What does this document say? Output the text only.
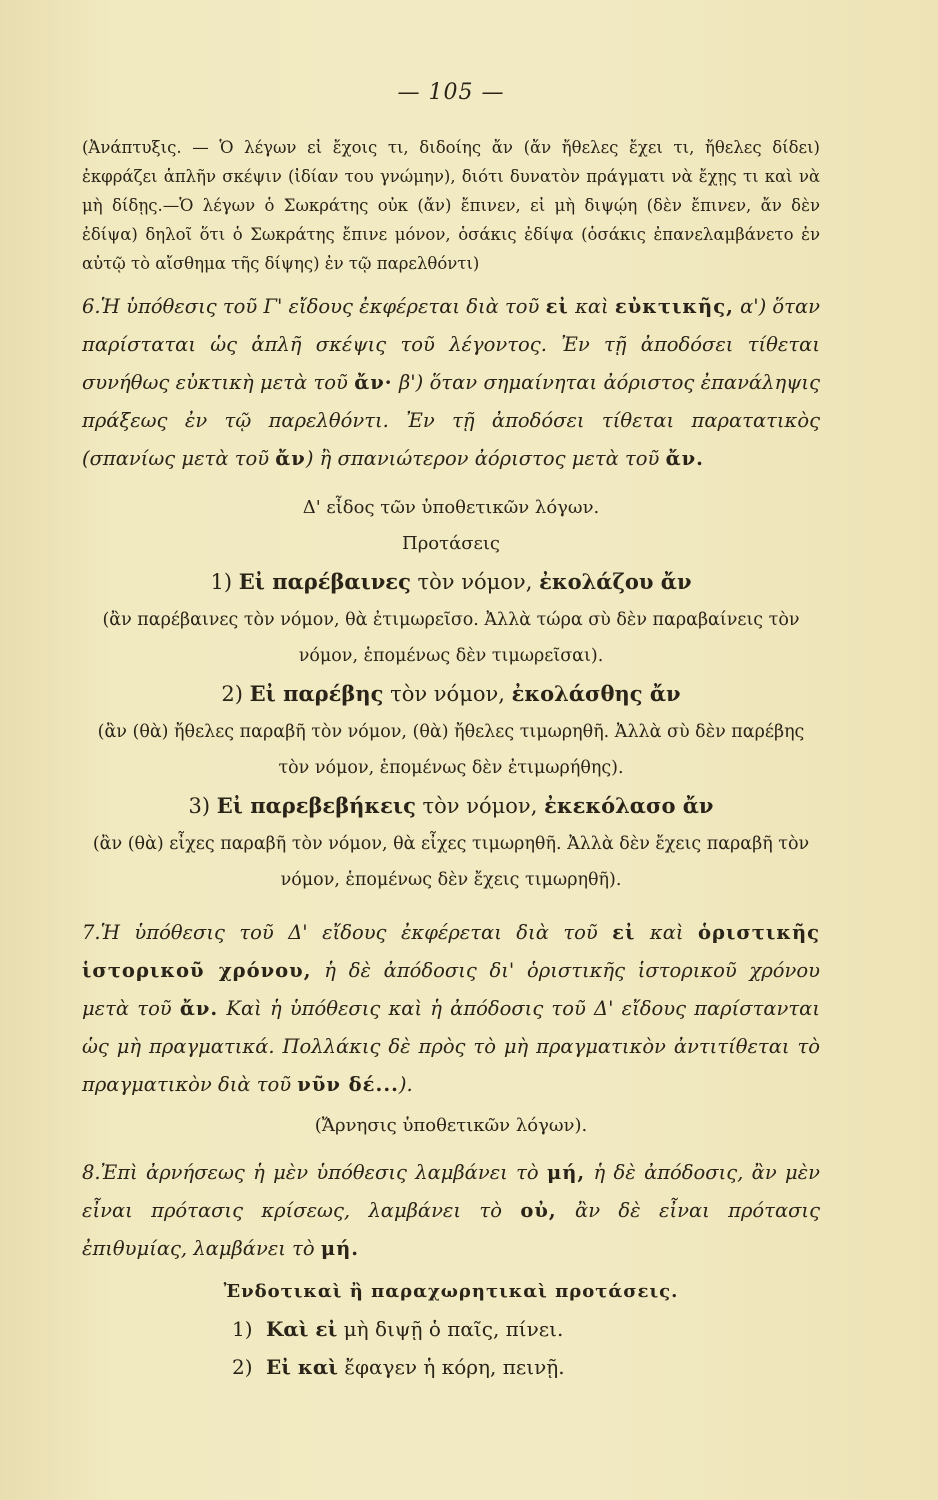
— 105 —

(Ἀνάπτυξις. — Ὁ λέγων εἰ ἔχοις τι, διδοίης ἄν (ἄν ἤθελες ἔχει τι, ἤθελες δίδει) ἐκφράζει ἁπλῆν σκέψιν (ἰδίαν του γνώμην), διότι δυνατὸν πράγματι νὰ ἔχῃς τι καὶ νὰ μὴ δίδῃς.—Ὁ λέγων ὁ Σωκράτης οὐκ (ἄν) ἔπινεν, εἰ μὴ διψῴη (δὲν ἔπινεν, ἄν δὲν ἐδίψα) δηλοῖ ὅτι ὁ Σωκράτης ἔπινε μόνον, ὁσάκις ἐδίψα (ὁσάκις ἐπανελαμβάνετο ἐν αὐτῷ τὸ αἴσθημα τῆς δίψης) ἐν τῷ παρελθόντι)

6.Ἡ ὑπόθεσις τοῦ Γ' εἴδους ἐκφέρεται διὰ τοῦ εἰ καὶ εὐκτικῆς, α') ὅταν παρίσταται ὡς ἁπλῆ σκέψις τοῦ λέγοντος. Ἐν τῇ ἀποδόσει τίθεται συνήθως εὐκτικὴ μετὰ τοῦ ἄν· β') ὅταν σημαίνηται ἀόριστος ἐπανάληψις πράξεως ἐν τῷ παρελθόντι. Ἐν τῇ ἀποδόσει τίθεται παρατατικὸς (σπανίως μετὰ τοῦ ἄν) ἢ σπανιώτερον ἀόριστος μετὰ τοῦ ἄν.

Δ' εἶδος τῶν ὑποθετικῶν λόγων.
Προτάσεις
1) Εἰ παρέβαινες τὸν νόμον, ἐκολάζου ἄν
(ἂν παρέβαινες τὸν νόμον, θὰ ἐτιμωρεῖσο. Ἀλλὰ τώρα σὺ δὲν παραβαίνεις τὸν νόμον, ἑπομένως δὲν τιμωρεῖσαι).
2) Εἰ παρέβης τὸν νόμον, ἐκολάσθης ἄν
(ἂν (θὰ) ἤθελες παραβῆ τὸν νόμον, (θὰ) ἤθελες τιμωρηθῆ. Ἀλλὰ σὺ δὲν παρέβης τὸν νόμον, ἑπομένως δὲν ἐτιμωρήθης).
3) Εἰ παρεβεβήκεις τὸν νόμον, ἐκεκόλασο ἄν
(ἂν (θὰ) εἶχες παραβῆ τὸν νόμον, θὰ εἶχες τιμωρηθῆ. Ἀλλὰ δὲν ἔχεις παραβῆ τὸν νόμον, ἑπομένως δὲν ἔχεις τιμωρηθῆ).

7.Ἡ ὑπόθεσις τοῦ Δ' εἴδους ἐκφέρεται διὰ τοῦ εἰ καὶ ὁριστικῆς ἱστορικοῦ χρόνου, ἡ δὲ ἀπόδοσις δι' ὁριστικῆς ἱστορικοῦ χρόνου μετὰ τοῦ ἄν. Καὶ ἡ ὑπόθεσις καὶ ἡ ἀπόδοσις τοῦ Δ' εἴδους παρίστανται ὡς μὴ πραγματικά. Πολλάκις δὲ πρὸς τὸ μὴ πραγματικὸν ἀντιτίθεται τὸ πραγματικὸν διὰ τοῦ νῦν δέ...).

(Ἄρνησις ὑποθετικῶν λόγων).

8.Ἐπὶ ἀρνήσεως ἡ μὲν ὑπόθεσις λαμβάνει τὸ μή, ἡ δὲ ἀπόδοσις, ἂν μὲν εἶναι πρότασις κρίσεως, λαμβάνει τὸ οὐ, ἂν δὲ εἶναι πρότασις ἐπιθυμίας, λαμβάνει τὸ μή.

Ἐνδοτικαὶ ἢ παραχωρητικαὶ προτάσεις.
1) Καὶ εἰ μὴ διψῇ ὁ παῖς, πίνει.
2) Εἰ καὶ ἔφαγεν ἡ κόρη, πεινῇ.
